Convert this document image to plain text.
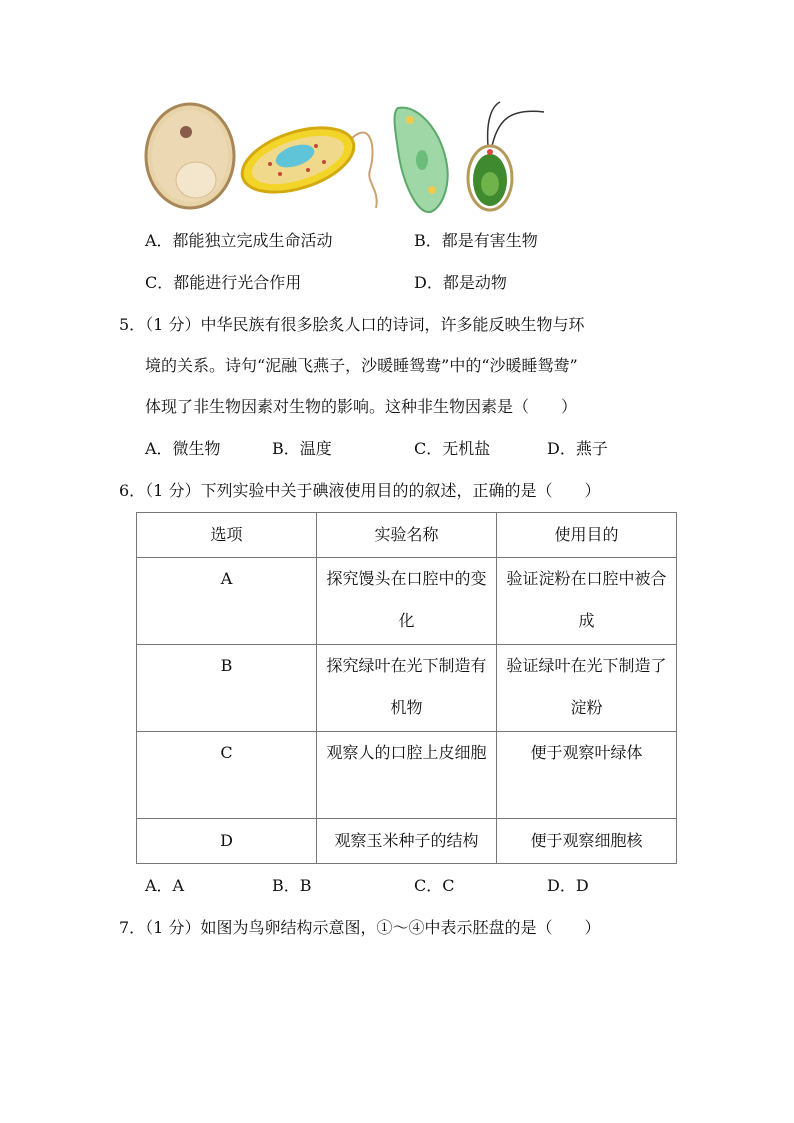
A．都能独立完成生命活动	B．都是有害生物
C．都能进行光合作用	D．都是动物
5．（1 分）中华民族有很多脍炙人口的诗词，许多能反映生物与环
境的关系。诗句“泥融飞燕子，沙暖睡鸳鸯”中的“沙暖睡鸳鸯”
体现了非生物因素对生物的影响。这种非生物因素是（　　）
A．微生物	B．温度	C．无机盐	D．燕子
6．（1 分）下列实验中关于碘液使用目的的叙述，正确的是（　　）
选项	实验名称	使用目的
A	探究馒头在口腔中的变化	验证淀粉在口腔中被合成
B	探究绿叶在光下制造有机物	验证绿叶在光下制造了淀粉
C	观察人的口腔上皮细胞	便于观察叶绿体
D	观察玉米种子的结构	便于观察细胞核
A．A	B．B	C．C	D．D
7．（1 分）如图为鸟卵结构示意图，①～④中表示胚盘的是（　　）
